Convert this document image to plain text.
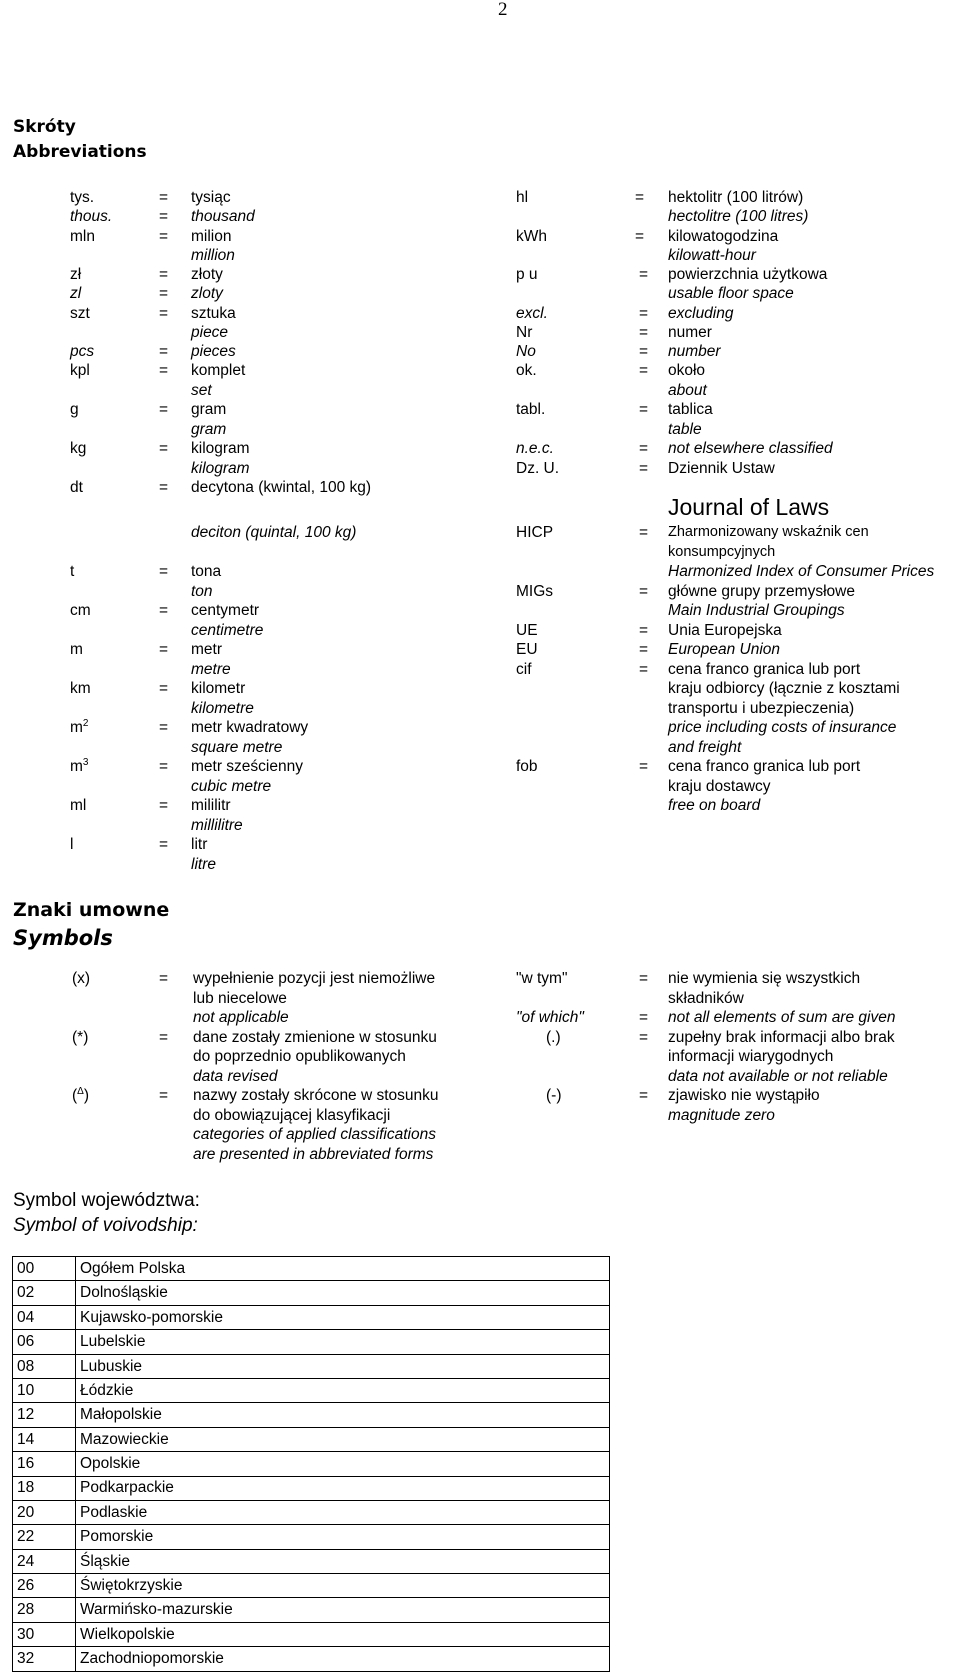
2
Skróty
Abbreviations
tys.	= tysiąc
thous.	= thousand
mln	= milion
million
zł	= złoty
zl	= zloty
szt	= sztuka
piece
pcs	= pieces
kpl	= komplet
set
g	= gram
gram
kg	= kilogram
kilogram
dt	= decytona (kwintal, 100 kg)
deciton (quintal, 100 kg)
t	= tona
ton
cm	= centymetr
centimetre
m	= metr
metre
km	= kilometr
kilometre
$m^2$	= metr kwadratowy
square metre
$m^3$	= metr sześcienny
cubic metre
ml	= mililitr
millilitre
l	= litr
litre
hl	= hektolitr (100 litrów)
hectolitre (100 litres)
kWh	= kilowatogodzina
kilowatt-hour
p u	= powierzchnia użytkowa
usable floor space
excl.	= excluding
Nr	= numer
No	= number
ok.	= około
about
tabl.	= tablica
table
n.e.c.	= not elsewhere classified
Dz. U.	= Dziennik Ustaw
Journal of Laws
HICP	= Zharmonizowany wskaźnik cen
konsumpcyjnych
Harmonized Index of Consumer Prices
MIGs	= główne grupy przemysłowe
Main Industrial Groupings
UE	= Unia Europejska
EU	= European Union
cif	= cena franco granica lub port
kraju odbiorcy (łącznie z kosztami
transportu i ubezpieczenia)
price including costs of insurance
and freight
fob	= cena franco granica lub port
kraju dostawcy
free on board
Znaki umowne
Symbols
(x)	= wypełnienie pozycji jest niemożliwe
lub niecelowe
not applicable
(*)	= dane zostały zmienione w stosunku
do poprzednio opublikowanych
data revised
($^\Delta$)	= nazwy zostały skrócone w stosunku
do obowiązującej klasyfikacji
categories of applied classifications
are presented in abbreviated forms
"w tym"	= nie wymienia się wszystkich
składników
"of which"	= not all elements of sum are given
(.)	= zupełny brak informacji albo brak
informacji wiarygodnych
data not available or not reliable
(-)	= zjawisko nie wystąpiło
magnitude zero
Symbol województwa:
Symbol of voivodship:
00	Ogółem Polska
02	Dolnośląskie
04	Kujawsko-pomorskie
06	Lubelskie
08	Lubuskie
10	Łódzkie
12	Małopolskie
14	Mazowieckie
16	Opolskie
18	Podkarpackie
20	Podlaskie
22	Pomorskie
24	Śląskie
26	Świętokrzyskie
28	Warmińsko-mazurskie
30	Wielkopolskie
32	Zachodniopomorskie
